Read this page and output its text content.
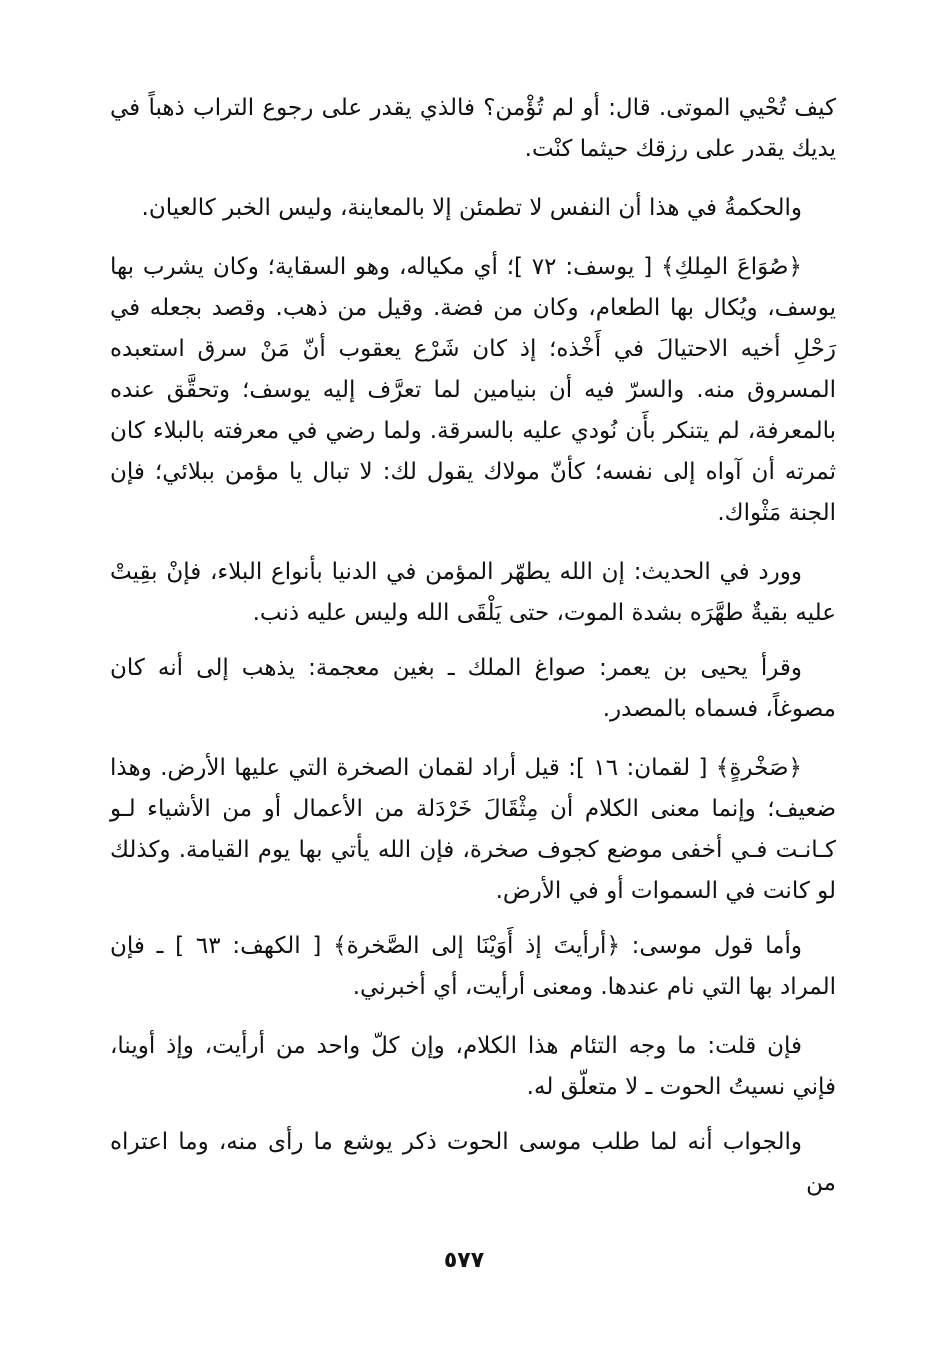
كيف تُحْيي الموتى. قال: أو لم تُؤْمن؟ فالذي يقدر على رجوع التراب ذهباً في يديك يقدر على رزقك حيثما كنْت.

والحكمةُ في هذا أن النفس لا تطمئن إلا بالمعاينة، وليس الخبر كالعيان.

﴿صُوَاعَ المِلكِ﴾ [ يوسف: ٧٢ ]؛ أي مكياله، وهو السقاية؛ وكان يشرب بها يوسف، ويُكال بها الطعام، وكان من فضة. وقيل من ذهب. وقصد بجعله في رَحْلِ أخيه الاحتيالَ في أَخْذه؛ إذ كان شَرْع يعقوب أنّ مَنْ سرق استعبده المسروق منه. والسرّ فيه أن بنيامين لما تعرَّف إليه يوسف؛ وتحقَّق عنده بالمعرفة، لم يتنكر بأَن نُودي عليه بالسرقة. ولما رضي في معرفته بالبلاء كان ثمرته أن آواه إلى نفسه؛ كأنّ مولاك يقول لك: لا تبال يا مؤمن ببلائي؛ فإن الجنة مَثْواك.

وورد في الحديث: إن الله يطهّر المؤمن في الدنيا بأنواع البلاء، فإنْ بقِيتْ عليه بقيةٌ طهَّرَه بشدة الموت، حتى يَلْقَى الله وليس عليه ذنب.

وقرأ يحيى بن يعمر: صواغ الملك ـ بغين معجمة: يذهب إلى أنه كان مصوغاً، فسماه بالمصدر.

﴿صَخْرةٍ﴾ [ لقمان: ١٦ ]: قيل أراد لقمان الصخرة التي عليها الأرض. وهذا ضعيف؛ وإنما معنى الكلام أن مِثْقَالَ خَرْدَلة من الأعمال أو من الأشياء لـو كـانـت فـي أخفى موضع كجوف صخرة، فإن الله يأتي بها يوم القيامة. وكذلك لو كانت في السموات أو في الأرض.

وأما قول موسى: ﴿أرأيتَ إذ أَوَيْنَا إلى الصَّخرة﴾ [ الكهف: ٦٣ ] ـ فإن المراد بها التي نام عندها. ومعنى أرأيت، أي أخبرني.

فإن قلت: ما وجه التئام هذا الكلام، وإن كلّ واحد من أرأيت، وإذ أوينا، فإني نسيتُ الحوت ـ لا متعلّق له.

والجواب أنه لما طلب موسى الحوت ذكر يوشع ما رأى منه، وما اعتراه من

٥٧٧
